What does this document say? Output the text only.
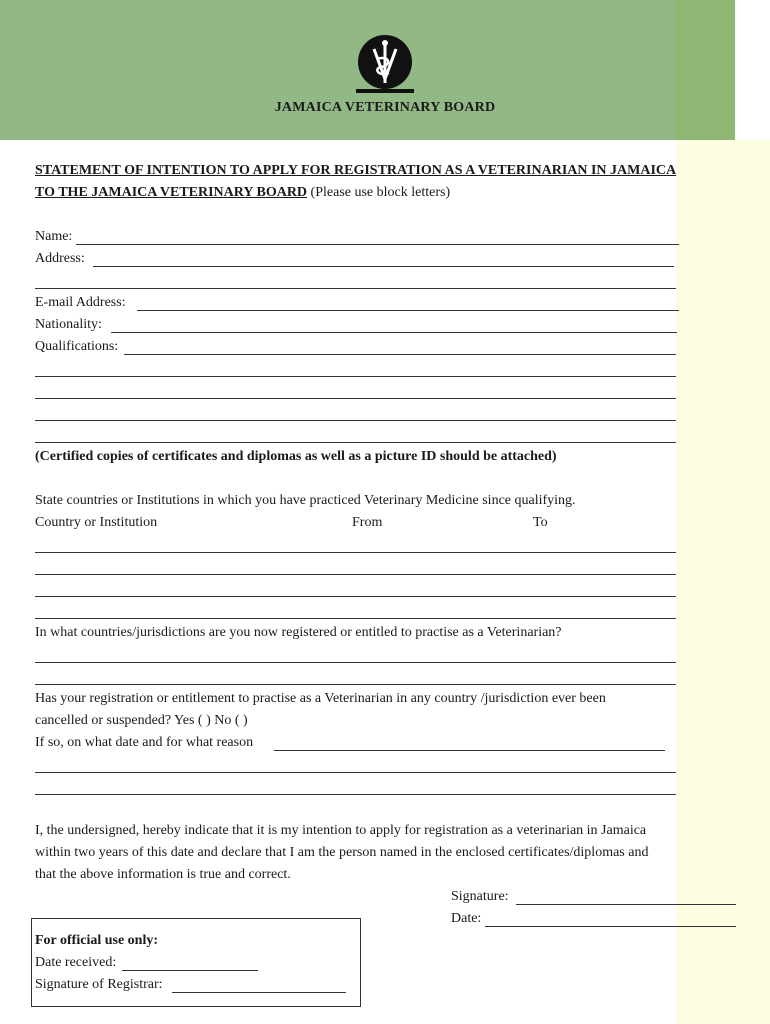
JAMAICA VETERINARY BOARD
STATEMENT OF INTENTION TO APPLY FOR REGISTRATION AS A VETERINARIAN IN JAMAICA
TO THE JAMAICA VETERINARY BOARD (Please use block letters)
Name:
Address:
E-mail Address:
Nationality:
Qualifications:
(Certified copies of certificates and diplomas as well as a picture ID should be attached)
State countries or Institutions in which you have practiced Veterinary Medicine since qualifying.
Country or Institution	From	To
In what countries/jurisdictions are you now registered or entitled to practise as a Veterinarian?
Has your registration or entitlement to practise as a Veterinarian in any country /jurisdiction ever been
cancelled or suspended? Yes ( ) No ( )
If so, on what date and for what reason
I, the undersigned, hereby indicate that it is my intention to apply for registration as a veterinarian in Jamaica
within two years of this date and declare that I am the person named in the enclosed certificates/diplomas and
that the above information is true and correct.
Signature:
Date:
For official use only:
Date received:
Signature of Registrar:
